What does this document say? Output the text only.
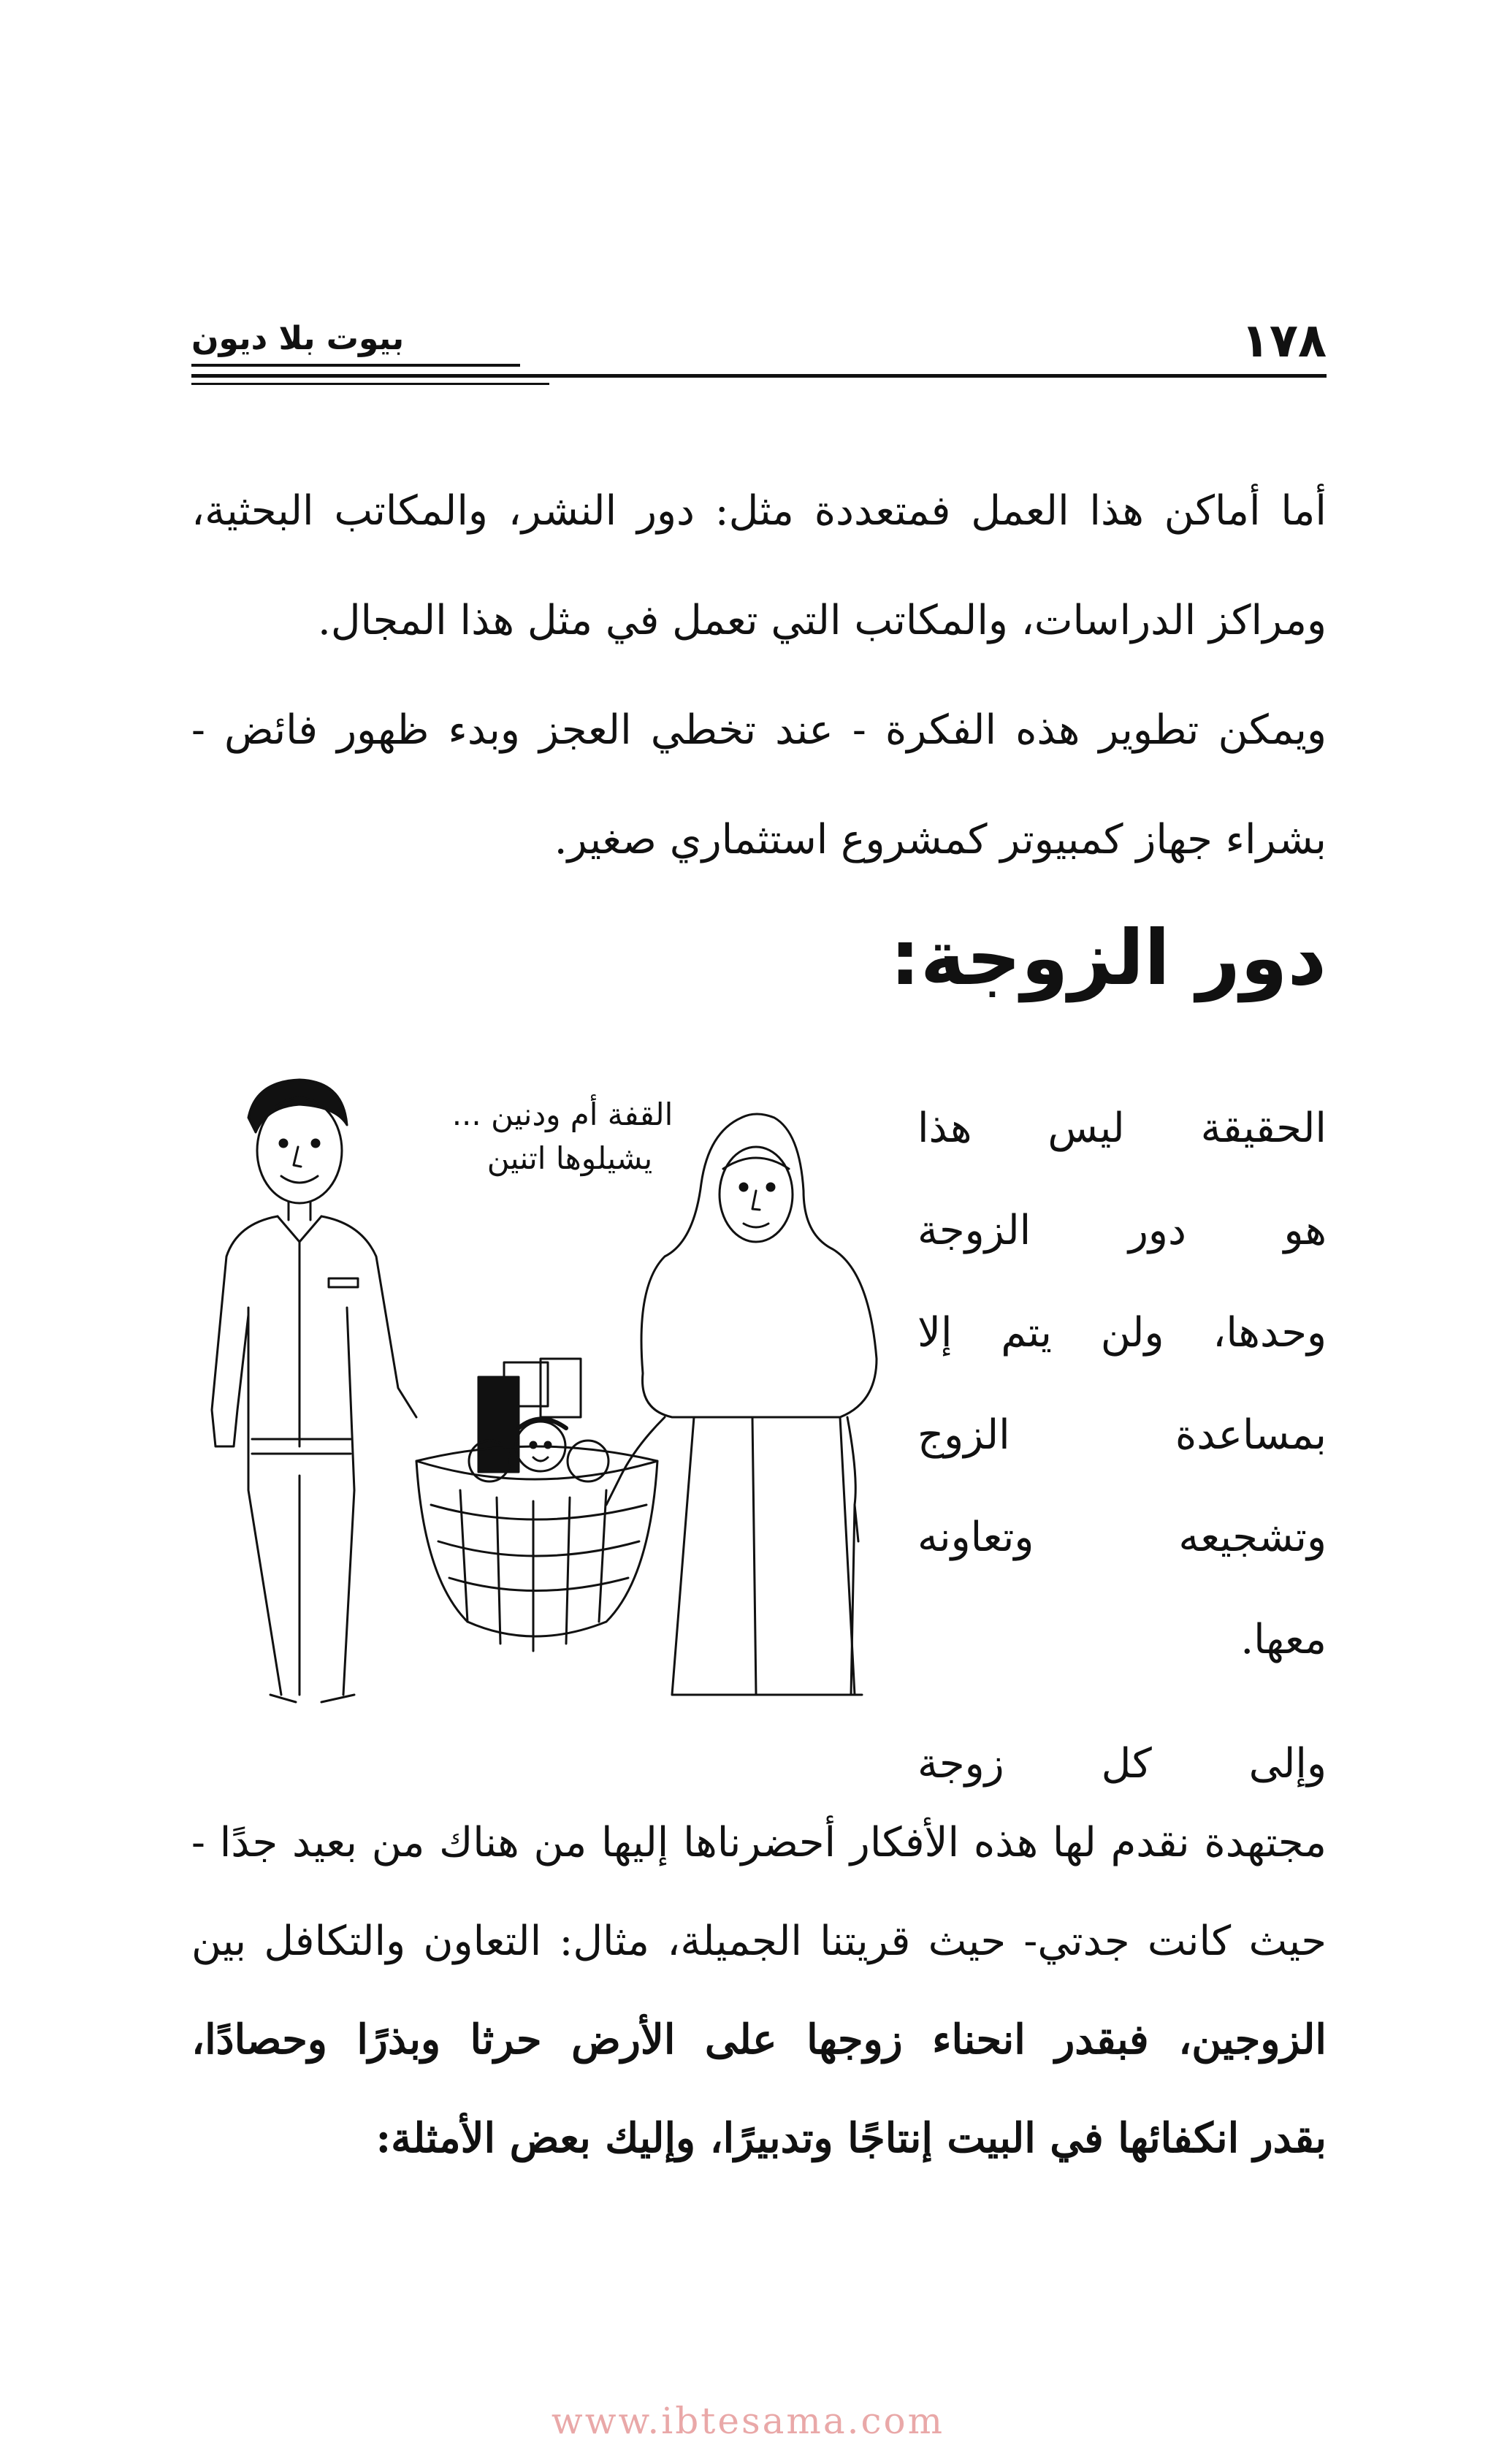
١٧٨
بيوت بلا ديون

أما أماكن هذا العمل فمتعددة مثل: دور النشر، والمكاتب البحثية، ومراكز الدراسات، والمكاتب التي تعمل في مثل هذا المجال.

ويمكن تطوير هذه الفكرة - عند تخطي العجز وبدء ظهور فائض - بشراء جهاز كمبيوتر كمشروع استثماري صغير.

دور الزوجة:
الحقيقة ليس هذا
هو دور الزوجة
وحدها، ولن يتم إلا
بمساعدة الزوج
وتشجيعه وتعاونه
معها.
القفة أم ودنين ...
يشيلوها اتنين
وإلى كل زوجة
مجتهدة نقدم لها هذه الأفكار أحضرناها إليها من هناك من بعيد جدًا -
حيث كانت جدتي- حيث قريتنا الجميلة، مثال: التعاون والتكافل بين
الزوجين، فبقدر انحناء زوجها على الأرض حرثا وبذرًا وحصادًا،
بقدر انكفائها في البيت إنتاجًا وتدبيرًا، وإليك بعض الأمثلة:
www.ibtesama.com
